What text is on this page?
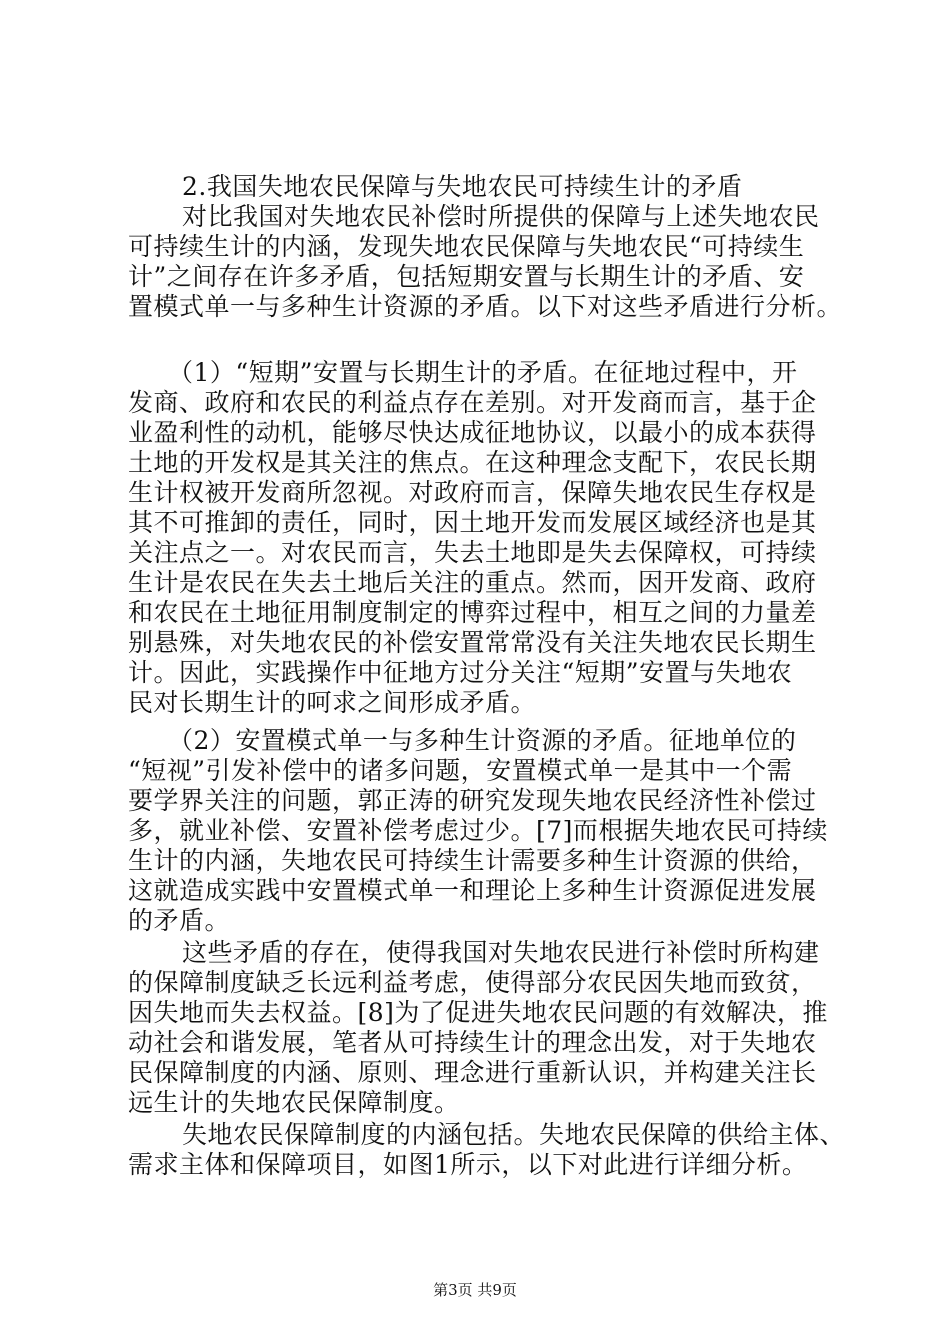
2.我国失地农民保障与失地农民可持续生计的矛盾
对比我国对失地农民补偿时所提供的保障与上述失地农民
可持续生计的内涵，发现失地农民保障与失地农民“可持续生
计”之间存在许多矛盾，包括短期安置与长期生计的矛盾、安
置模式单一与多种生计资源的矛盾。以下对这些矛盾进行分析。
（1）“短期”安置与长期生计的矛盾。在征地过程中，开
发商、政府和农民的利益点存在差别。对开发商而言，基于企
业盈利性的动机，能够尽快达成征地协议，以最小的成本获得
土地的开发权是其关注的焦点。在这种理念支配下，农民长期
生计权被开发商所忽视。对政府而言，保障失地农民生存权是
其不可推卸的责任，同时，因土地开发而发展区域经济也是其
关注点之一。对农民而言，失去土地即是失去保障权，可持续
生计是农民在失去土地后关注的重点。然而，因开发商、政府
和农民在土地征用制度制定的博弈过程中，相互之间的力量差
别悬殊，对失地农民的补偿安置常常没有关注失地农民长期生
计。因此，实践操作中征地方过分关注“短期”安置与失地农
民对长期生计的呵求之间形成矛盾。
（2）安置模式单一与多种生计资源的矛盾。征地单位的
“短视”引发补偿中的诸多问题，安置模式单一是其中一个需
要学界关注的问题，郭正涛的研究发现失地农民经济性补偿过
多，就业补偿、安置补偿考虑过少。[7]而根据失地农民可持续
生计的内涵，失地农民可持续生计需要多种生计资源的供给，
这就造成实践中安置模式单一和理论上多种生计资源促进发展
的矛盾。
这些矛盾的存在，使得我国对失地农民进行补偿时所构建
的保障制度缺乏长远利益考虑，使得部分农民因失地而致贫，
因失地而失去权益。[8]为了促进失地农民问题的有效解决，推
动社会和谐发展，笔者从可持续生计的理念出发，对于失地农
民保障制度的内涵、原则、理念进行重新认识，并构建关注长
远生计的失地农民保障制度。
失地农民保障制度的内涵包括。失地农民保障的供给主体、
需求主体和保障项目，如图1所示，以下对此进行详细分析。
第3页 共9页
